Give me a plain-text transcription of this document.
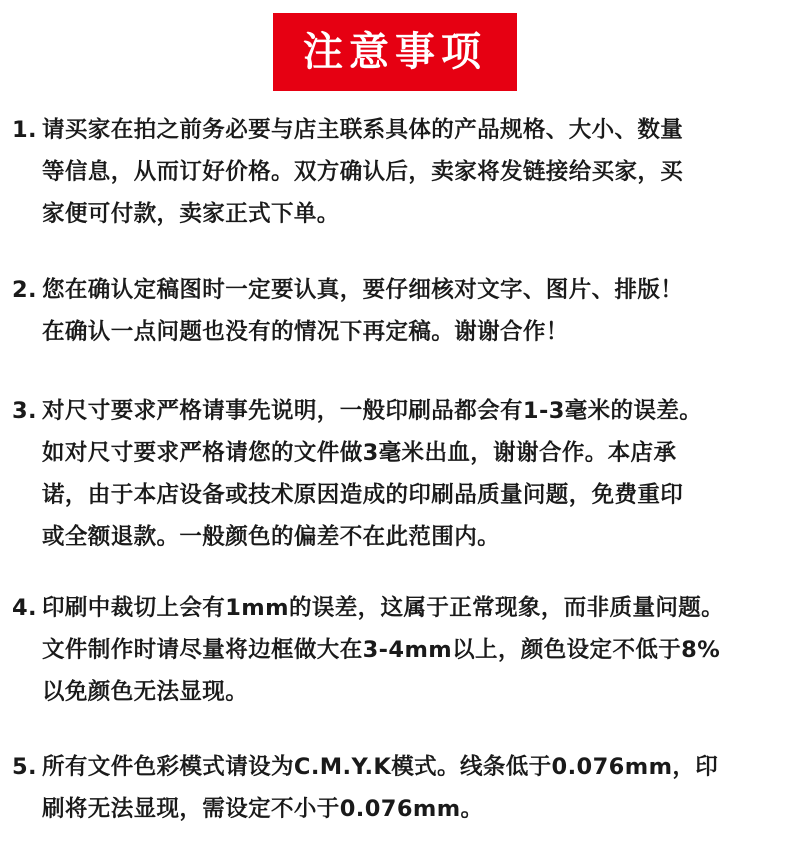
注意事项
1. 请买家在拍之前务必要与店主联系具体的产品规格、大小、数量
等信息，从而订好价格。双方确认后，卖家将发链接给买家，买
家便可付款，卖家正式下单。
2. 您在确认定稿图时一定要认真，要仔细核对文字、图片、排版！
在确认一点问题也没有的情况下再定稿。谢谢合作！
3. 对尺寸要求严格请事先说明，一般印刷品都会有1-3毫米的误差。
如对尺寸要求严格请您的文件做3毫米出血，谢谢合作。本店承
诺，由于本店设备或技术原因造成的印刷品质量问题，免费重印
或全额退款。一般颜色的偏差不在此范围内。
4. 印刷中裁切上会有1mm的误差，这属于正常现象，而非质量问题。
文件制作时请尽量将边框做大在3-4mm以上，颜色设定不低于8%
以免颜色无法显现。
5. 所有文件色彩模式请设为C.M.Y.K模式。线条低于0.076mm，印
刷将无法显现，需设定不小于0.076mm。
